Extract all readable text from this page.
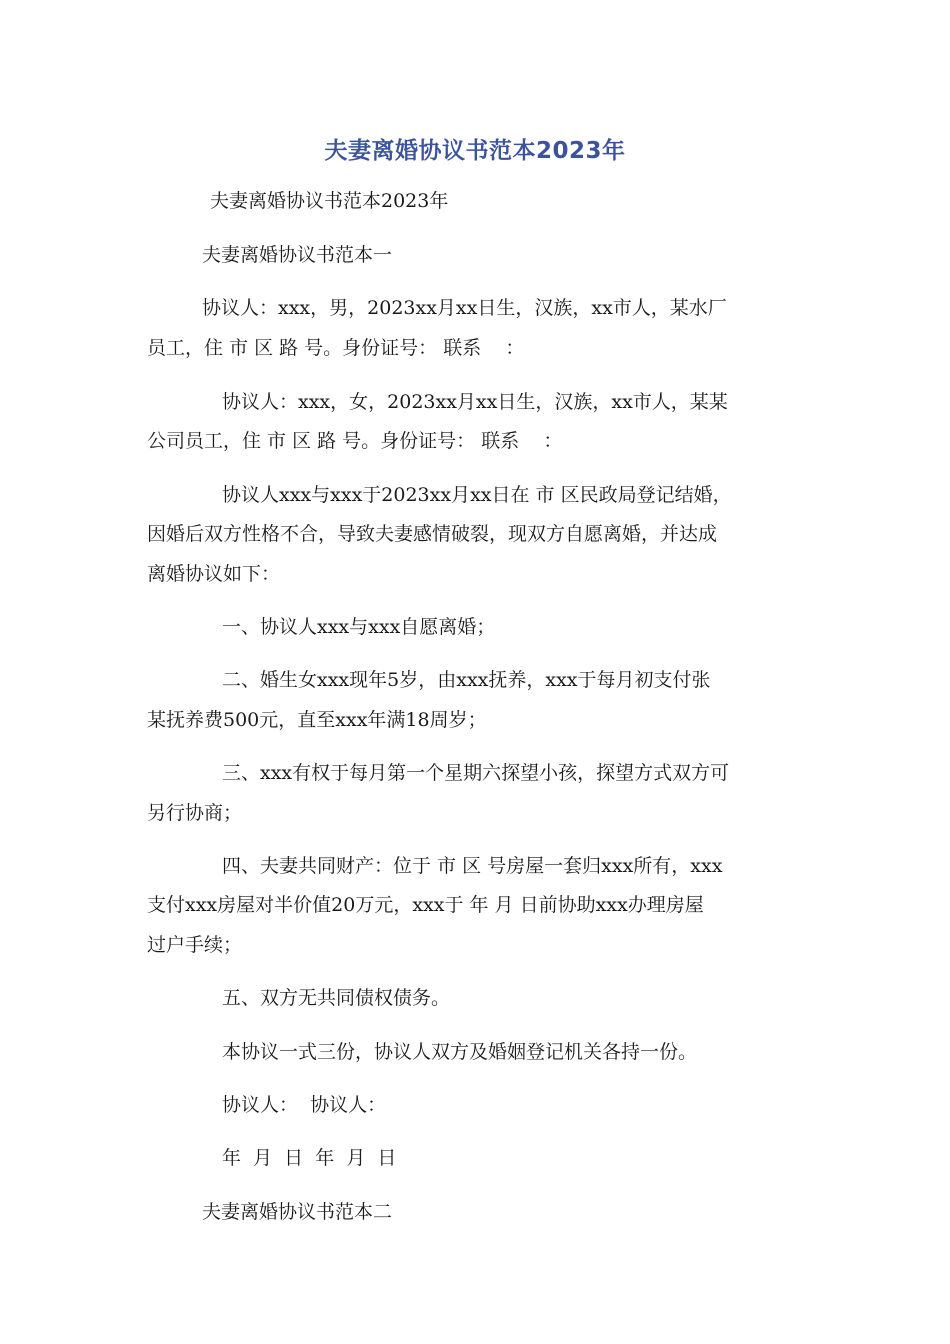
夫妻离婚协议书范本2023年
夫妻离婚协议书范本2023年
夫妻离婚协议书范本一
协议人：xxx，男，2023xx月xx日生，汉族，xx市人，某水厂
员工，住 市 区 路 号。身份证号： 联系    ：
协议人：xxx，女，2023xx月xx日生，汉族，xx市人，某某
公司员工，住 市 区 路 号。身份证号： 联系    ：
协议人xxx与xxx于2023xx月xx日在 市 区民政局登记结婚，
因婚后双方性格不合，导致夫妻感情破裂，现双方自愿离婚，并达成
离婚协议如下：
一、协议人xxx与xxx自愿离婚；
二、婚生女xxx现年5岁，由xxx抚养，xxx于每月初支付张
某抚养费500元，直至xxx年满18周岁；
三、xxx有权于每月第一个星期六探望小孩，探望方式双方可
另行协商；
四、夫妻共同财产：位于 市 区 号房屋一套归xxx所有，xxx
支付xxx房屋对半价值20万元，xxx于 年 月 日前协助xxx办理房屋
过户手续；
五、双方无共同债权债务。
本协议一式三份，协议人双方及婚姻登记机关各持一份。
协议人：  协议人：
年  月  日  年  月  日
夫妻离婚协议书范本二
